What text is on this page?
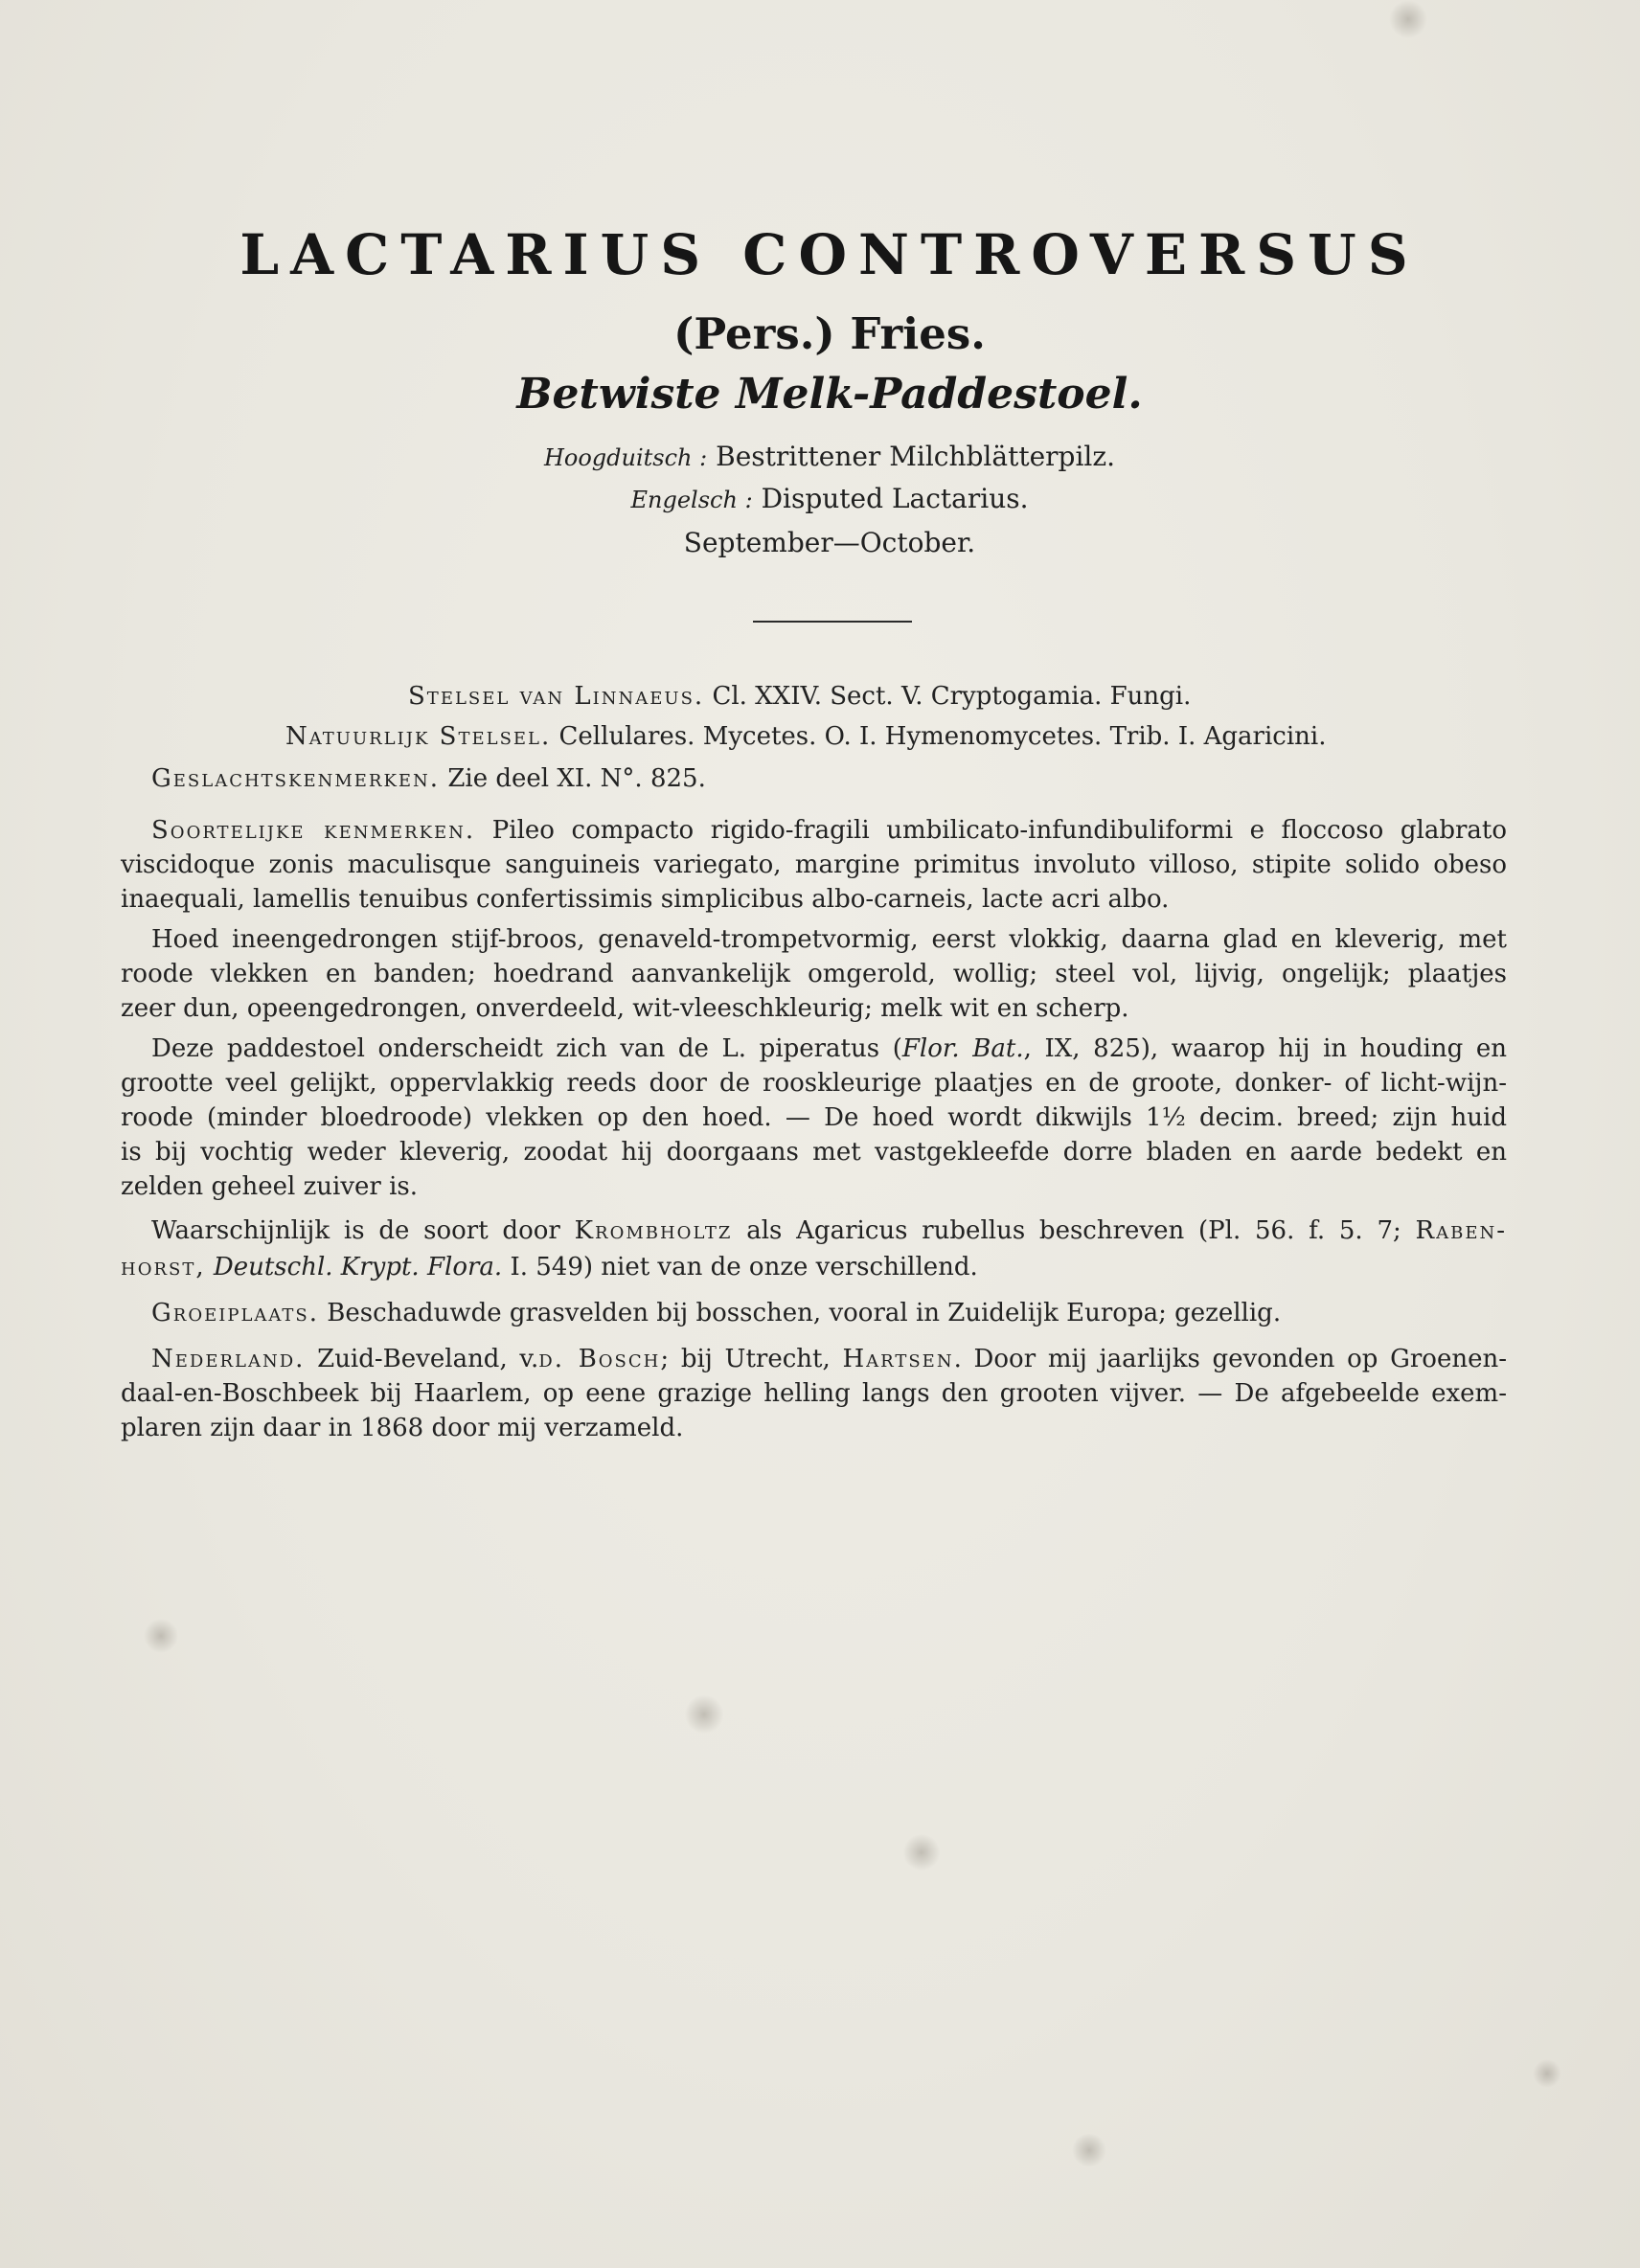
LACTARIUS CONTROVERSUS
(Pers.) Fries.
Betwiste Melk-Paddestoel.
Hoogduitsch : Bestrittener Milchblätterpilz.
Engelsch : Disputed Lactarius.
September—October.
Stelsel van Linnaeus. Cl. XXIV. Sect. V. Cryptogamia. Fungi.
Natuurlijk Stelsel. Cellulares. Mycetes. O. I. Hymenomycetes. Trib. I. Agaricini.
Geslachtskenmerken. Zie deel XI. N°. 825.
Soortelijke kenmerken. Pileo compacto rigido-fragili umbilicato-infundibuliformi e floccoso glabrato
viscidoque zonis maculisque sanguineis variegato, margine primitus involuto villoso, stipite solido obeso
inaequali, lamellis tenuibus confertissimis simplicibus albo-carneis, lacte acri albo.
Hoed ineengedrongen stijf-broos, genaveld-trompetvormig, eerst vlokkig, daarna glad en kleverig, met
roode vlekken en banden; hoedrand aanvankelijk omgerold, wollig; steel vol, lijvig, ongelijk; plaatjes
zeer dun, opeengedrongen, onverdeeld, wit-vleeschkleurig; melk wit en scherp.
Deze paddestoel onderscheidt zich van de L. piperatus (Flor. Bat., IX, 825), waarop hij in houding en
grootte veel gelijkt, oppervlakkig reeds door de rooskleurige plaatjes en de groote, donker- of licht-wijn-
roode (minder bloedroode) vlekken op den hoed. — De hoed wordt dikwijls 1½ decim. breed; zijn huid
is bij vochtig weder kleverig, zoodat hij doorgaans met vastgekleefde dorre bladen en aarde bedekt en
zelden geheel zuiver is.
Waarschijnlijk is de soort door Krombholtz als Agaricus rubellus beschreven (Pl. 56. f. 5. 7; Raben-
horst, Deutschl. Krypt. Flora. I. 549) niet van de onze verschillend.
Groeiplaats. Beschaduwde grasvelden bij bosschen, vooral in Zuidelijk Europa; gezellig.
Nederland. Zuid-Beveland, v.d. Bosch; bij Utrecht, Hartsen. Door mij jaarlijks gevonden op Groenen-
daal-en-Boschbeek bij Haarlem, op eene grazige helling langs den grooten vijver. — De afgebeelde exem-
plaren zijn daar in 1868 door mij verzameld.
